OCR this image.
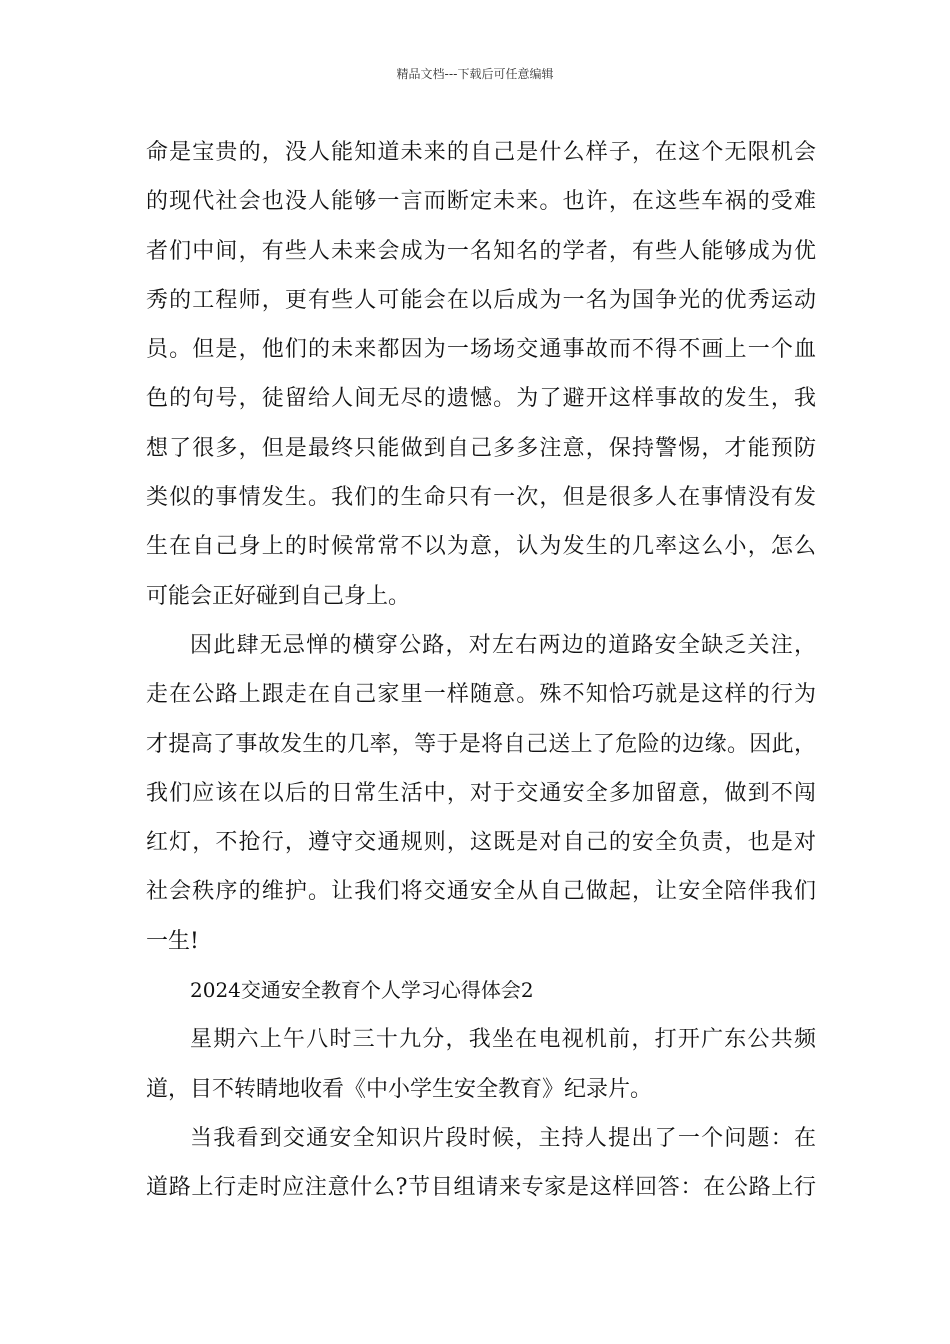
精品文档---下载后可任意编辑
命是宝贵的，没人能知道未来的自己是什么样子，在这个无限机会
的现代社会也没人能够一言而断定未来。也许，在这些车祸的受难
者们中间，有些人未来会成为一名知名的学者，有些人能够成为优
秀的工程师，更有些人可能会在以后成为一名为国争光的优秀运动
员。但是，他们的未来都因为一场场交通事故而不得不画上一个血
色的句号，徒留给人间无尽的遗憾。为了避开这样事故的发生，我
想了很多，但是最终只能做到自己多多注意，保持警惕，才能预防
类似的事情发生。我们的生命只有一次，但是很多人在事情没有发
生在自己身上的时候常常不以为意，认为发生的几率这么小，怎么
可能会正好碰到自己身上。
因此肆无忌惮的横穿公路，对左右两边的道路安全缺乏关注，
走在公路上跟走在自己家里一样随意。殊不知恰巧就是这样的行为
才提高了事故发生的几率，等于是将自己送上了危险的边缘。因此，
我们应该在以后的日常生活中，对于交通安全多加留意，做到不闯
红灯，不抢行，遵守交通规则，这既是对自己的安全负责，也是对
社会秩序的维护。让我们将交通安全从自己做起，让安全陪伴我们
一生!
2024交通安全教育个人学习心得体会2
星期六上午八时三十九分，我坐在电视机前，打开广东公共频
道，目不转睛地收看《中小学生安全教育》纪录片。
当我看到交通安全知识片段时候，主持人提出了一个问题：在
道路上行走时应注意什么?节目组请来专家是这样回答：在公路上行
